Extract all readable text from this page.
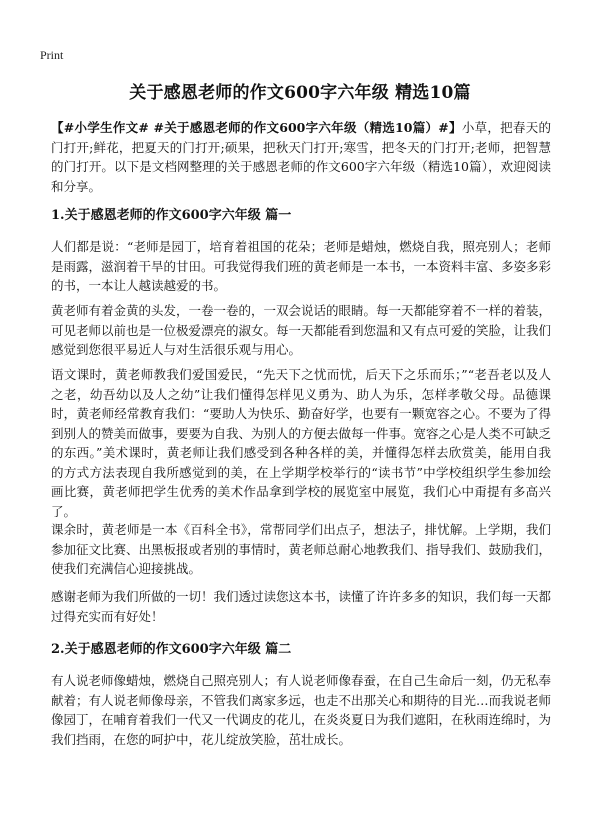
Print
关于感恩老师的作文600字六年级 精选10篇
【#小学生作文# #关于感恩老师的作文600字六年级（精选10篇）#】小草，把春天的门打开;鲜花，把夏天的门打开;硕果，把秋天门打开;寒雪，把冬天的门打开;老师，把智慧的门打开。以下是文档网整理的关于感恩老师的作文600字六年级（精选10篇），欢迎阅读和分享。
1.关于感恩老师的作文600字六年级 篇一
人们都是说：“老师是园丁，培育着祖国的花朵；老师是蜡烛，燃烧自我，照亮别人；老师是雨露，滋润着干旱的甘田。可我觉得我们班的黄老师是一本书，一本资料丰富、多姿多彩的书，一本让人越读越爱的书。
黄老师有着金黄的头发，一卷一卷的，一双会说话的眼睛。每一天都能穿着不一样的着装，可见老师以前也是一位极爱漂亮的淑女。每一天都能看到您温和又有点可爱的笑脸，让我们感觉到您很平易近人与对生活很乐观与用心。
语文课时，黄老师教我们爱国爱民，“先天下之忧而忧，后天下之乐而乐；”“老吾老以及人之老，幼吾幼以及人之幼”让我们懂得怎样见义勇为、助人为乐，怎样孝敬父母。品德课时，黄老师经常教育我们：“要助人为快乐、勤奋好学，也要有一颗宽容之心。不要为了得到别人的赞美而做事，要要为自我、为别人的方便去做每一件事。宽容之心是人类不可缺乏的东西。”美术课时，黄老师让我们感受到各种各样的美，并懂得怎样去欣赏美，能用自我的方式方法表现自我所感觉到的美，在上学期学校举行的“读书节”中学校组织学生参加绘画比赛，黄老师把学生优秀的美术作品拿到学校的展览室中展览，我们心中甭提有多高兴了。
课余时，黄老师是一本《百科全书》，常帮同学们出点子，想法子，排忧解。上学期，我们参加征文比赛、出黑板报或者别的事情时，黄老师总耐心地教我们、指导我们、鼓励我们，使我们充满信心迎接挑战。
感谢老师为我们所做的一切！我们透过读您这本书，读懂了许许多多的知识，我们每一天都过得充实而有好处！
2.关于感恩老师的作文600字六年级 篇二
有人说老师像蜡烛，燃烧自己照亮别人；有人说老师像春蚕，在自己生命后一刻，仍无私奉献着；有人说老师像母亲，不管我们离家多远，也走不出那关心和期待的目光…而我说老师像园丁，在哺育着我们一代又一代调皮的花儿，在炎炎夏日为我们遮阳，在秋雨连绵时，为我们挡雨，在您的呵护中，花儿绽放笑脸，茁壮成长。
